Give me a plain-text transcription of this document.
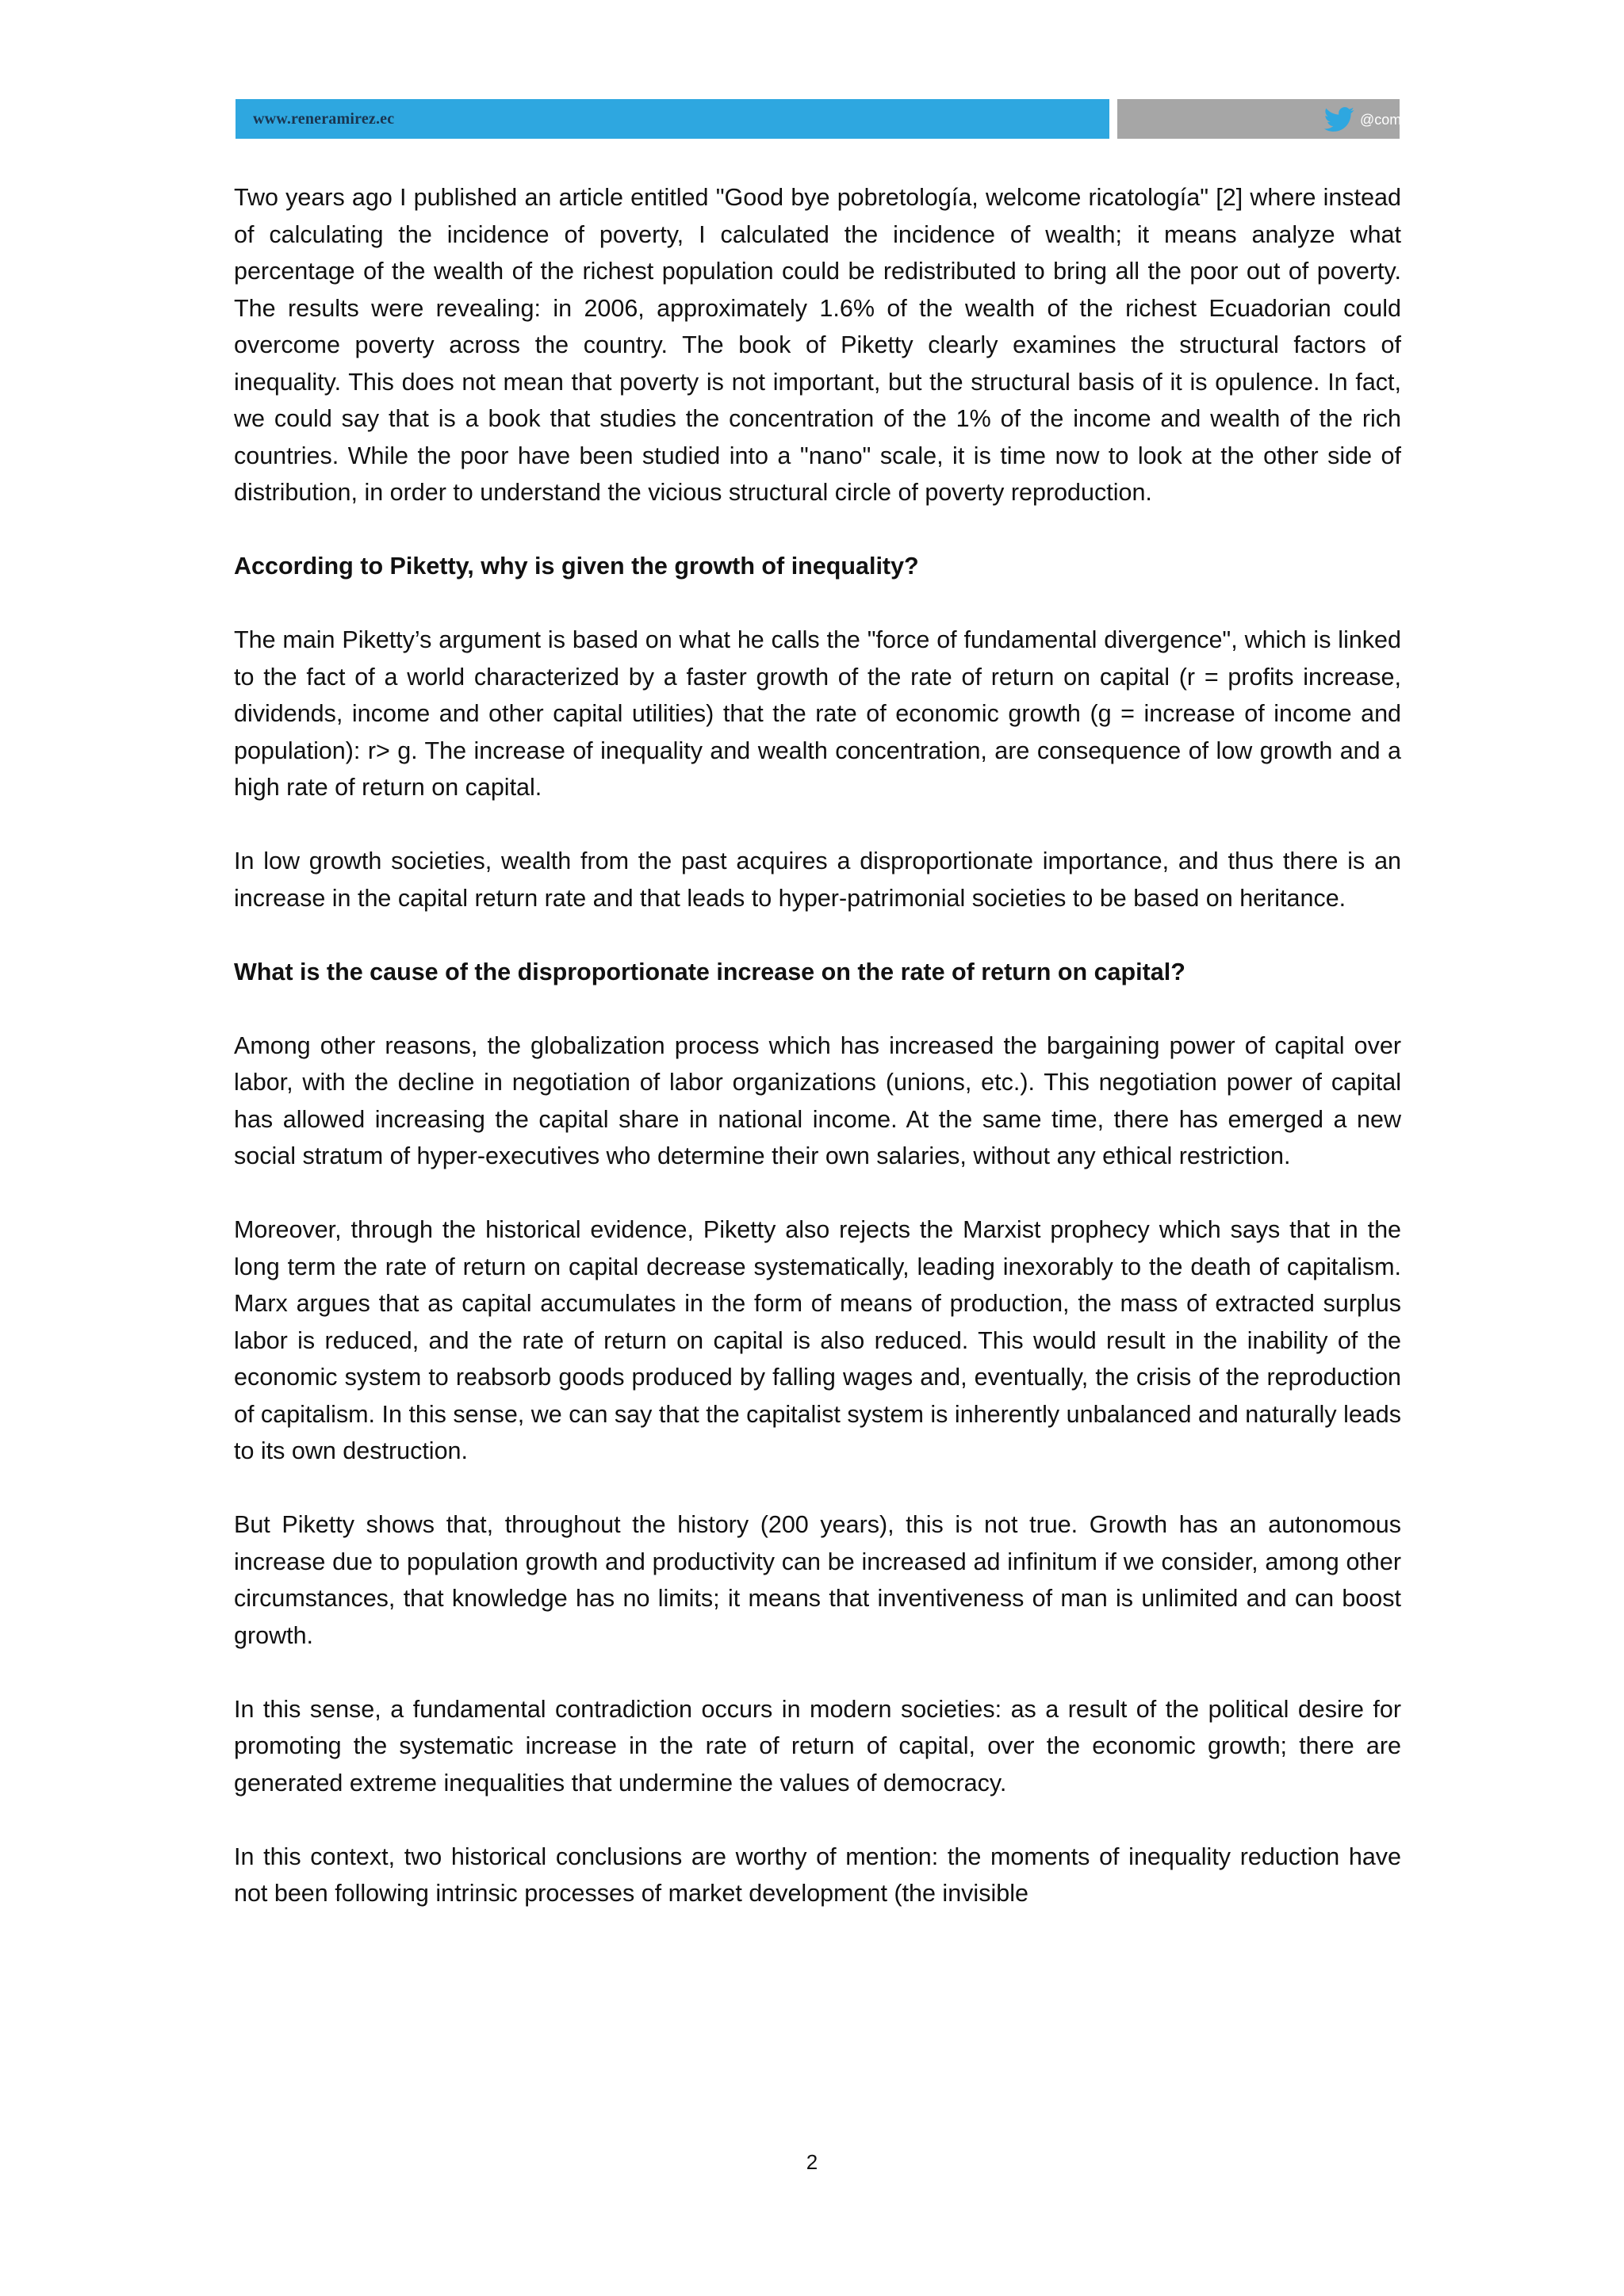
www.reneramirez.ec	@compaIRENE

Two years ago I published an article entitled "Good bye pobretología, welcome ricatología" [2] where instead of calculating the incidence of poverty, I calculated the incidence of wealth; it means analyze what percentage of the wealth of the richest population could be redistributed to bring all the poor out of poverty. The results were revealing: in 2006, approximately 1.6% of the wealth of the richest Ecuadorian could overcome poverty across the country. The book of Piketty clearly examines the structural factors of inequality. This does not mean that poverty is not important, but the structural basis of it is opulence. In fact, we could say that is a book that studies the concentration of the 1% of the income and wealth of the rich countries. While the poor have been studied into a "nano" scale, it is time now to look at the other side of distribution, in order to understand the vicious structural circle of poverty reproduction.

According to Piketty, why is given the growth of inequality?

The main Piketty’s argument is based on what he calls the "force of fundamental divergence", which is linked to the fact of a world characterized by a faster growth of the rate of return on capital (r = profits increase, dividends, income and other capital utilities) that the rate of economic growth (g = increase of income and population): r> g. The increase of inequality and wealth concentration, are consequence of low growth and a high rate of return on capital.

In low growth societies, wealth from the past acquires a disproportionate importance, and thus there is an increase in the capital return rate and that leads to hyper-patrimonial societies to be based on heritance.

What is the cause of the disproportionate increase on the rate of return on capital?

Among other reasons, the globalization process which has increased the bargaining power of capital over labor, with the decline in negotiation of labor organizations (unions, etc.). This negotiation power of capital has allowed increasing the capital share in national income. At the same time, there has emerged a new social stratum of hyper-executives who determine their own salaries, without any ethical restriction.

Moreover, through the historical evidence, Piketty also rejects the Marxist prophecy which says that in the long term the rate of return on capital decrease systematically, leading inexorably to the death of capitalism. Marx argues that as capital accumulates in the form of means of production, the mass of extracted surplus labor is reduced, and the rate of return on capital is also reduced. This would result in the inability of the economic system to reabsorb goods produced by falling wages and, eventually, the crisis of the reproduction of capitalism. In this sense, we can say that the capitalist system is inherently unbalanced and naturally leads to its own destruction.

But Piketty shows that, throughout the history (200 years), this is not true. Growth has an autonomous increase due to population growth and productivity can be increased ad infinitum if we consider, among other circumstances, that knowledge has no limits; it means that inventiveness of man is unlimited and can boost growth.

In this sense, a fundamental contradiction occurs in modern societies: as a result of the political desire for promoting the systematic increase in the rate of return of capital, over the economic growth; there are generated extreme inequalities that undermine the values of democracy.

In this context, two historical conclusions are worthy of mention: the moments of inequality reduction have not been following intrinsic processes of market development (the invisible

2
